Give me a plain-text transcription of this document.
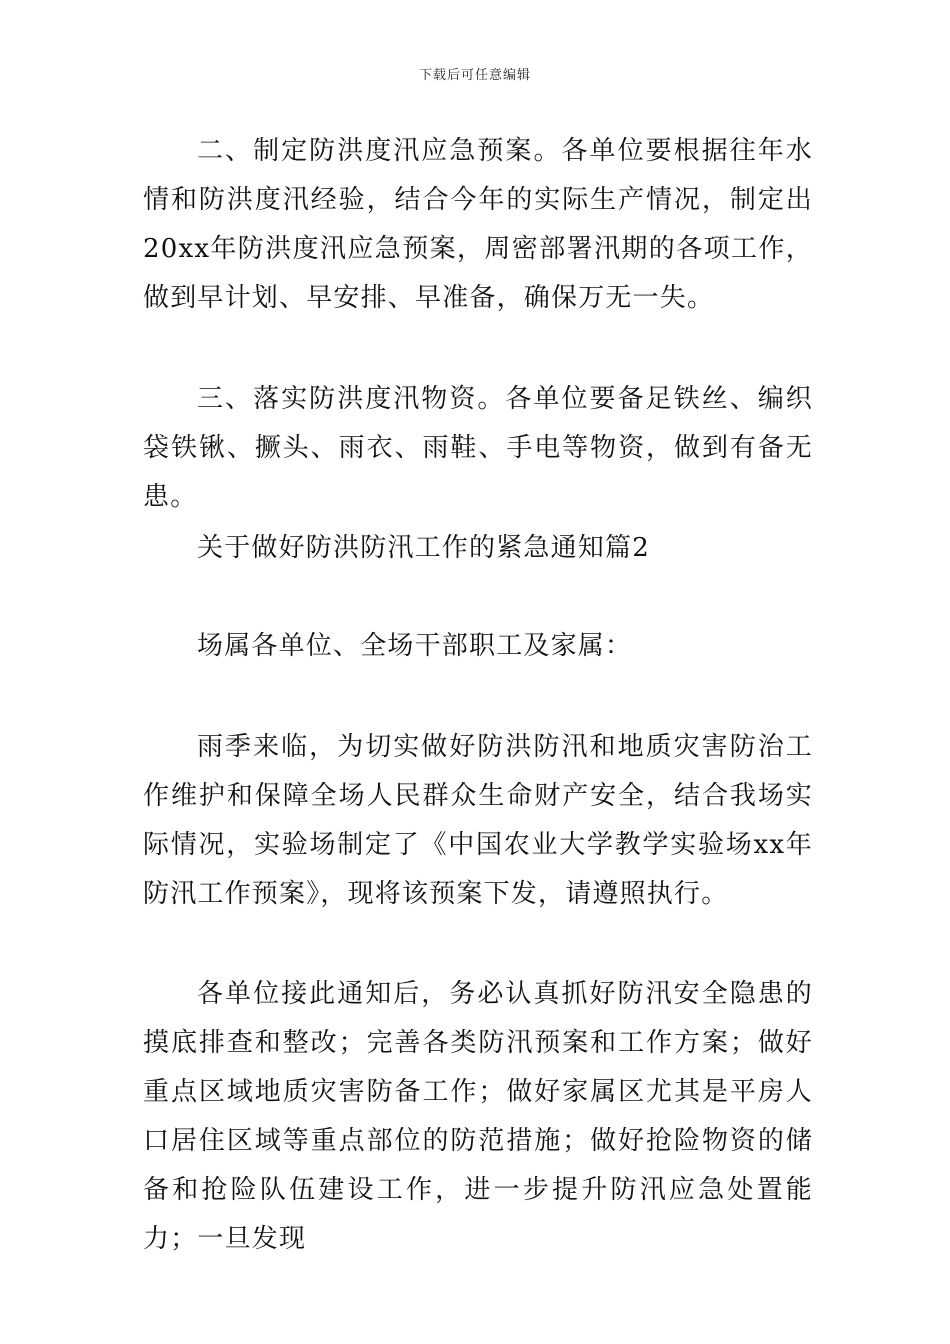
下载后可任意编辑

二、制定防洪度汛应急预案。各单位要根据往年水情和防洪度汛经验，结合今年的实际生产情况，制定出20xx年防洪度汛应急预案，周密部署汛期的各项工作，做到早计划、早安排、早准备，确保万无一失。

三、落实防洪度汛物资。各单位要备足铁丝、编织袋铁锹、撅头、雨衣、雨鞋、手电等物资，做到有备无患。

关于做好防洪防汛工作的紧急通知篇2

场属各单位、全场干部职工及家属：

雨季来临，为切实做好防洪防汛和地质灾害防治工作维护和保障全场人民群众生命财产安全，结合我场实际情况，实验场制定了《中国农业大学教学实验场xx年防汛工作预案》，现将该预案下发，请遵照执行。

各单位接此通知后，务必认真抓好防汛安全隐患的摸底排查和整改；完善各类防汛预案和工作方案；做好重点区域地质灾害防备工作；做好家属区尤其是平房人口居住区域等重点部位的防范措施；做好抢险物资的储备和抢险队伍建设工作，进一步提升防汛应急处置能力；一旦发现
